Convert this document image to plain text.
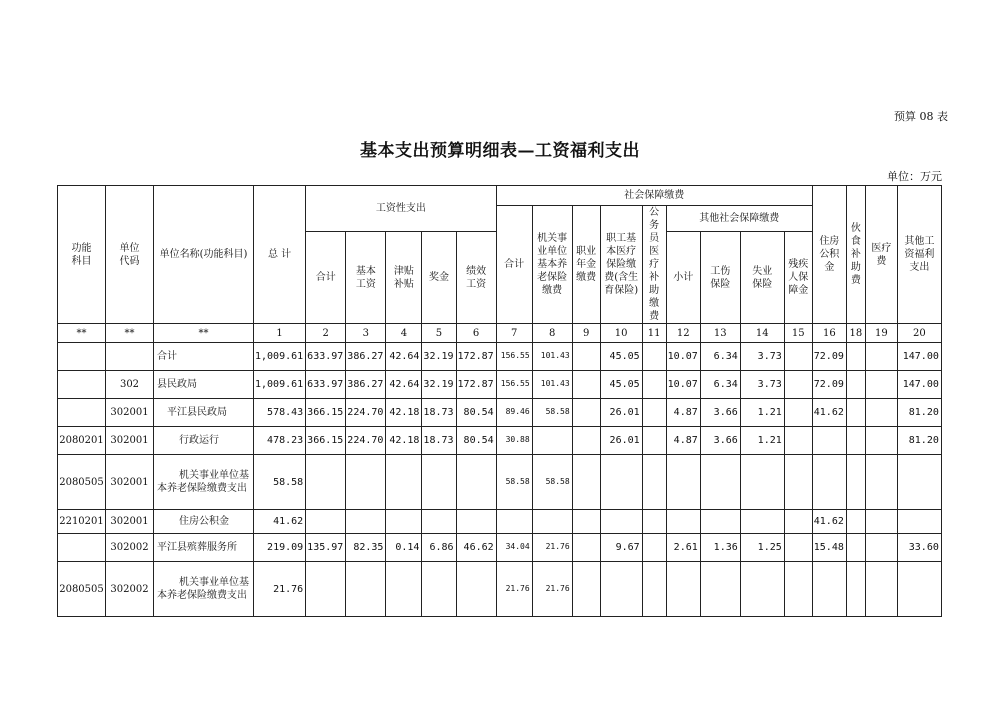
预算 08 表
基本支出预算明细表—工资福利支出
单位：万元
功能科目	单位代码	单位名称(功能科目)	总 计	工资性支出					社会保障缴费									住房公积金	伙食补助费	医疗费	其他工资福利支出
									合计	机关事业单位基本养老保险缴费	职业年金缴费	职工基本医疗保险缴费(含生育保险)	公务员医疗补助缴费	其他社会保障缴费							
				合计	基本工资	津贴补贴	奖金	绩效工资						小计	工伤保险	失业保险	残疾人保障金				
**	**	**	1	2	3	4	5	6	7	8	9	10	11	12	13	14	15	16	18	19	20
		合计	1,009.61	633.97	386.27	42.64	32.19	172.87	156.55	101.43		45.05		10.07	6.34	3.73		72.09			147.00
	302	县民政局	1,009.61	633.97	386.27	42.64	32.19	172.87	156.55	101.43		45.05		10.07	6.34	3.73		72.09			147.00
	302001	平江县民政局	578.43	366.15	224.70	42.18	18.73	80.54	89.46	58.58		26.01		4.87	3.66	1.21		41.62			81.20
2080201	302001	行政运行	478.23	366.15	224.70	42.18	18.73	80.54	30.88			26.01		4.87	3.66	1.21					81.20
2080505	302001	机关事业单位基本养老保险缴费支出	58.58						58.58	58.58											
2210201	302001	住房公积金	41.62															41.62			
	302002	平江县殡葬服务所	219.09	135.97	82.35	0.14	6.86	46.62	34.04	21.76		9.67		2.61	1.36	1.25		15.48			33.60
2080505	302002	机关事业单位基本养老保险缴费支出	21.76						21.76	21.76											
